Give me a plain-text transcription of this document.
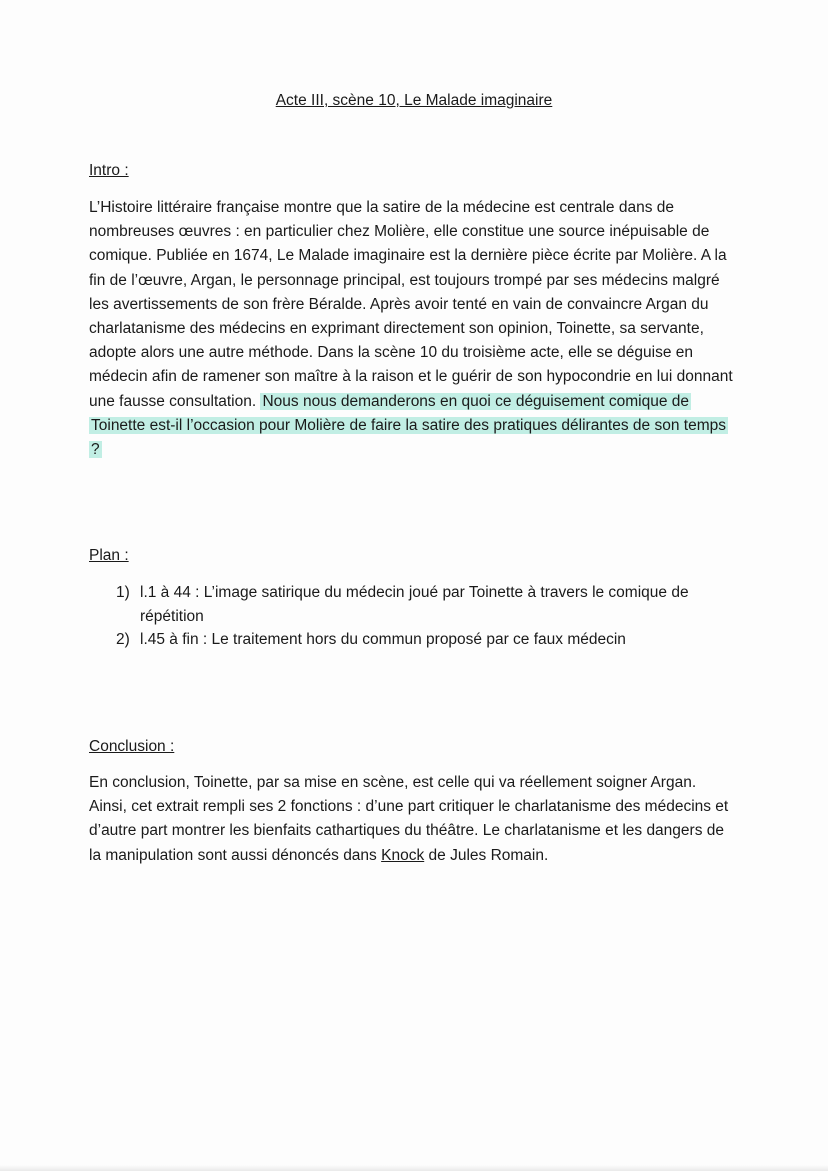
Acte III, scène 10, Le Malade imaginaire
Intro :
L’Histoire littéraire française montre que la satire de la médecine est centrale dans de nombreuses œuvres : en particulier chez Molière, elle constitue une source inépuisable de comique. Publiée en 1674, Le Malade imaginaire est la dernière pièce écrite par Molière. A la fin de l’œuvre, Argan, le personnage principal, est toujours trompé par ses médecins malgré les avertissements de son frère Béralde. Après avoir tenté en vain de convaincre Argan du charlatanisme des médecins en exprimant directement son opinion, Toinette, sa servante, adopte alors une autre méthode. Dans la scène 10 du troisième acte, elle se déguise en médecin afin de ramener son maître à la raison et le guérir de son hypocondrie en lui donnant une fausse consultation. Nous nous demanderons en quoi ce déguisement comique de Toinette est-il l’occasion pour Molière de faire la satire des pratiques délirantes de son temps ?
Plan :
1) l.1 à 44 : L’image satirique du médecin joué par Toinette à travers le comique de répétition
2) l.45 à fin : Le traitement hors du commun proposé par ce faux médecin
Conclusion :
En conclusion, Toinette, par sa mise en scène, est celle qui va réellement soigner Argan. Ainsi, cet extrait rempli ses 2 fonctions : d’une part critiquer le charlatanisme des médecins et d’autre part montrer les bienfaits cathartiques du théâtre. Le charlatanisme et les dangers de la manipulation sont aussi dénoncés dans Knock de Jules Romain.
